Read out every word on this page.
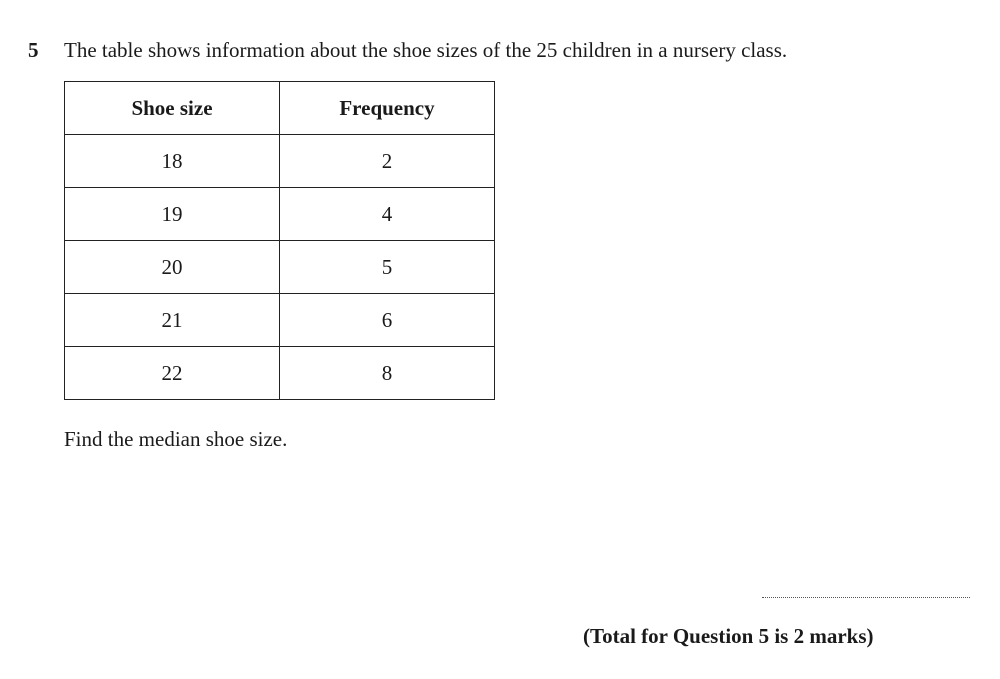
5 The table shows information about the shoe sizes of the 25 children in a nursery class.
Shoe size	Frequency
18	2
19	4
20	5
21	6
22	8
Find the median shoe size.
(Total for Question 5 is 2 marks)
